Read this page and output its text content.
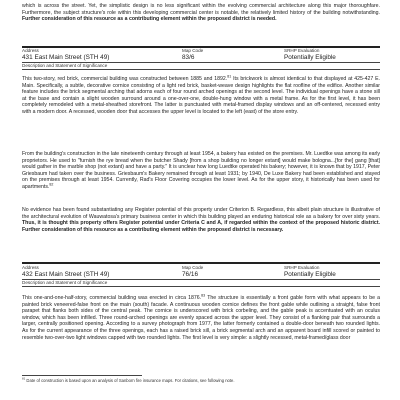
which is across the street. Yet, the simplistic design is no less significant within the evolving commercial architecture along this major thoroughfare. Furthermore, the subject structure's role within this developing commercial center is notable, the relatively limited history of the building notwithstanding. Further consideration of this resource as a contributing element within the proposed district is needed.

Address	Map Code	SRHP Evaluation
431 East Main Street (STH 49)	83/6	Potentially Eligible
Description and Statement of Significance

This two-story, red brick, commercial building was constructed between 1885 and 1892.81 Its brickwork is almost identical to that displayed at 425-427 E. Main. Specifically, a subtle, decorative cornice consisting of a light red brick, basket-weave design highlights the flat roofline of the edifice. Another similar feature includes the brick segmental arching that adorns each of four round arched openings at the second level. The individual openings have a stone sill at the base and contain a slight wooden surround around a one-over-one, double-hung window with a metal frame. As for the first level, it has been completely remodeled with a metal-sheathed storefront. The latter is punctuated with metal-framed display windows and an off-centered, recessed entry with a modern door. A recessed, wooden door that accesses the upper level is located to the left (east) of the store entry.

From the building's construction in the late nineteenth century through at least 1954, a bakery has existed on the premises. Mr. Luedtke was among its early proprietors. He used to "furnish the rye bread when the butcher Shady [from a shop building no longer extant] would make bologna...[for the] gang [that] would gather in the marble shop (not extant) and have a party." It is unclear how long Luedtke operated his bakery; however, it is known that by 1917, Peter Griesbaum had taken over the business. Griesbaum's Bakery remained through at least 1931; by 1940, De Luxe Bakery had been established and stayed on the premises through at least 1954. Currently, Rad's Floor Covering occupies the lower level. As for the upper story, it historically has been used for apartments.$^{82}$

No evidence has been found substantiating any Register potential of this property under Criterion B. Regardless, this albeit plain structure is illustrative of the architectural evolution of Wauwatosa's primary business center in which this building played an enduring historical role as a bakery for over sixty years. Thus, it is thought this property offers Register potential under Criteria C and A, if regarded within the context of the proposed historic district. Further consideration of this resource as a contributing element within the proposed district is necessary.

Address	Map Code	SRHP Evaluation
432 East Main Street (STH 49)	76/16	Potentially Eligible
Description and Statement of Significance

This one-and-one-half-story, commercial building was erected in circa 1876.83 The structure is essentially a front gable form with what appears to be a painted brick veneered-false front on the main (south) facade. A continuous wooden cornice defines the front gable while outlining a straight, false front parapet that flanks both sides of the central peak. The cornice is underscored with brick corbeling, and the gable peak is accentuated with an oculus window, which has been infilled. Three round-arched openings are evenly spaced across the upper level. They consist of a flanking pair that surrounds a larger, centrally positioned opening. According to a survey photograph from 1977, the latter formerly contained a double-door beneath two rounded lights. As for the current appearance of the three openings, each has a raised brick sill, a brick segmental arch and an apparent board infill scored or painted to resemble two-over-two light windows capped with two rounded lights. The first level is very simple: a slightly recessed, metal-framed/glass door

$^{81}$ Date of construction is based upon an analysis of Sanborn fire insurance maps. For citations, see following note.
